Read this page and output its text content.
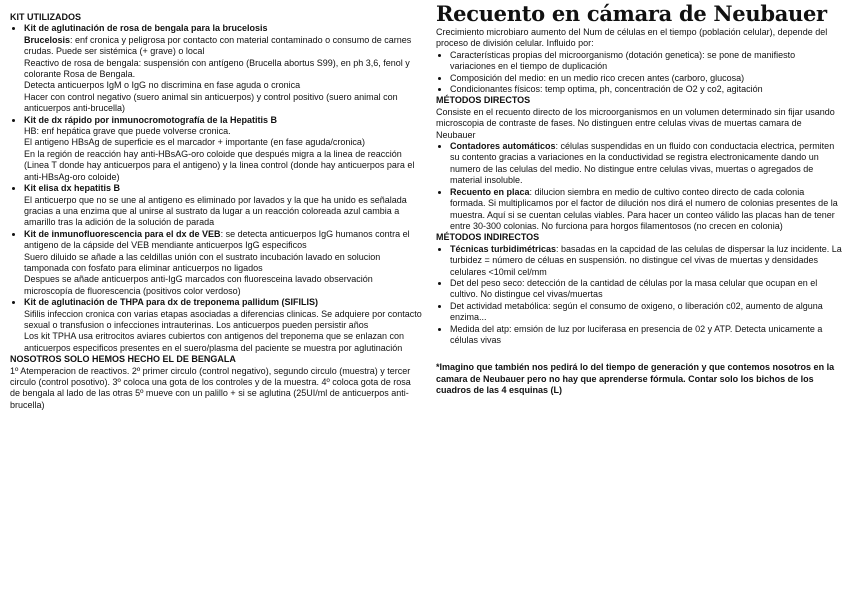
KIT UTILIZADOS

• Kit de aglutinación de rosa de bengala para la brucelosis

Brucelosis: enf cronica y peligrosa por contacto con material contaminado o consumo de carnes crudas. Puede ser sistémica (+ grave) o local

Reactivo de rosa de bengala: suspensión con antígeno (Brucella abortus S99), en ph 3,6, fenol y colorante Rosa de Bengala.

Detecta anticuerpos IgM o IgG no discrimina en fase aguda o cronica

Hacer con control negativo (suero animal sin anticuerpos) y control positivo (suero animal con anticuerpos anti-brucella)

• Kit de dx rápido por inmunocromotografía de la Hepatitis B

HB: enf hepática grave que puede volverse cronica.

El antigeno HBsAg de superficie es el marcador + importante (en fase aguda/cronica)

En la región de reacción hay anti-HBsAG-oro coloide que después migra a la linea de reacción (Linea T donde hay anticuerpos para el antigeno) y la linea control (donde hay anticuerpos para el anti-HBsAg-oro coloide)

• Kit elisa dx hepatitis B

El anticuerpo que no se une al antigeno es eliminado por lavados y la que ha unido es señalada gracias a una enzima que al unirse al sustrato da lugar a un reacción coloreada azul cambia a amarillo tras la adición de la solución de parada

• Kit de inmunofluorescencia para el dx de VEB: se detecta anticuerpos IgG humanos contra el antigeno de la cápside del VEB mendiante anticuerpos IgG especificos

Suero diluido se añade a las celdillas unión con el sustrato incubación lavado en solucion tamponada con fosfato para eliminar anticuerpos no ligados

Despues se añade anticuerpos anti-IgG marcados con fluoresceina lavado observación microscopía de fluorescencia (positivos color verdoso)

• Kit de aglutinación de THPA para dx de treponema pallidum (SIFILIS)

Sifilis infeccion cronica con varias etapas asociadas a diferencias clinicas. Se adquiere por contacto sexual o transfusion o infecciones intrauterinas. Los anticuerpos pueden persistir años

Los kit TPHA usa eritrocitos aviares cubiertos con antigenos del treponema que se enlazan con anticuerpos especificos presentes en el suero/plasma del paciente se muestra por aglutinación

NOSOTROS SOLO HEMOS HECHO EL DE BENGALA

1º Atemperacion de reactivos. 2º primer circulo (control negativo), segundo circulo (muestra) y tercer circulo (control posotivo). 3º coloca una gota de los controles y de la muestra. 4º coloca gota de rosa de bengala al lado de las otras 5º mueve con un palillo + si se aglutina (25UI/ml de anticuerpos anti-brucella)

Recuento en cámara de Neubauer

Crecimiento microbiaro aumento del Num de células en el tiempo (población celular), depende del proceso de división celular. Influido por:

• Características propias del microorganismo (dotación genetica): se pone de manifiesto variaciones en el tiempo de duplicación
• Composición del medio: en un medio rico crecen antes (carboro, glucosa)
• Condicionantes físicos: temp optima, ph, concentración de O2 y co2, agitación

MÉTODOS DIRECTOS

Consiste en el recuento directo de los microorganismos en un volumen determinado sin fijar usando microscopia de contraste de fases. No distinguen entre celulas vivas de muertas camara de Neubauer

• Contadores automáticos: células suspendidas en un fluido con conductacia electrica, permiten su contento gracias a variaciones en la conductividad se registra electronicamente dando un numero de las celulas del medio. No distingue entre celulas vivas, muertas o agregados de material insoluble.
• Recuento en placa: dilucion siembra en medio de cultivo conteo directo de cada colonia formada. Si multiplicamos por el factor de dilución nos dirá el numero de colonias presentes de la muestra. Aquí si se cuentan celulas viables. Para hacer un conteo válido las placas han de tener entre 30-300 colonias. No furciona para horgos filamentosos (no crecen en colonia)

MÉTODOS INDIRECTOS

• Técnicas turbidimétricas: basadas en la capcidad de las celulas de dispersar la luz incidente. La turbidez = número de céluas en suspensión. no distingue cel vivas de muertas y densidades celulares <10mil cel/mm
• Det del peso seco: detección de la cantidad de células por la masa celular que ocupan en el cultivo. No distingue cel vivas/muertas
• Det actividad metabólica: según el consumo de oxigeno, o liberación c02, aumento de alguna enzima...
• Medida del atp: emsión de luz por luciferasa en presencia de 02 y ATP. Detecta unicamente a células vivas

*Imagino que también nos pedirá lo del tiempo de generación y que contemos nosotros en la camara de Neubauer pero no hay que aprenderse fórmula. Contar solo los bichos de los cuadros de las 4 esquinas (L)
